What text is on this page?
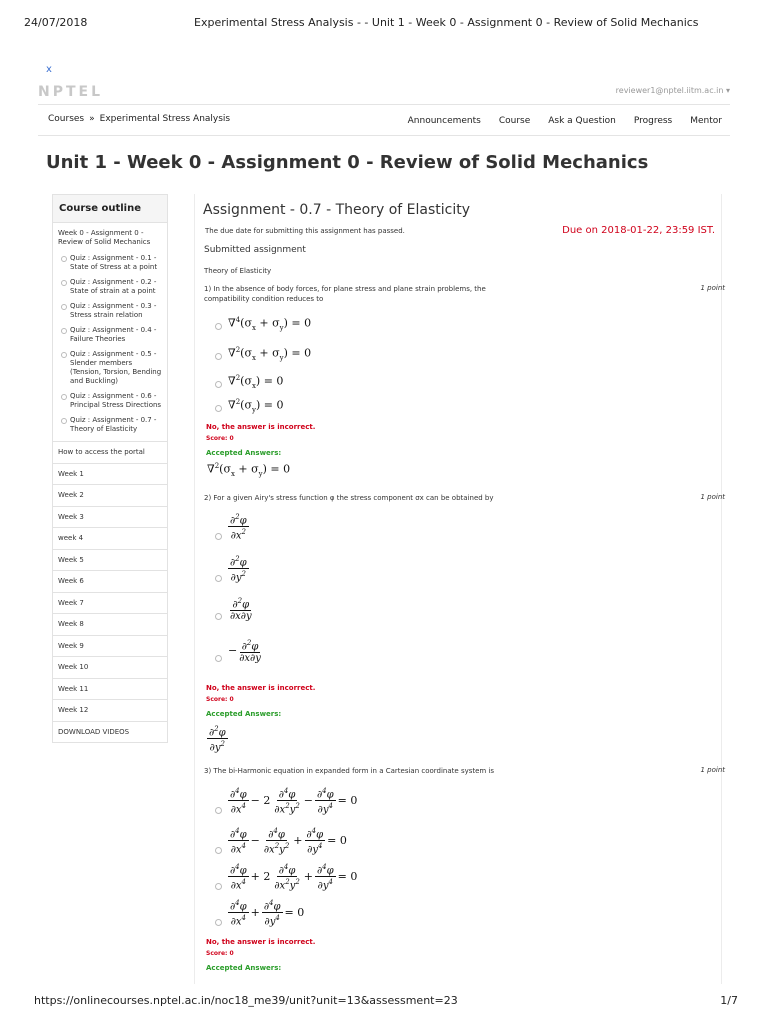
24/07/2018	Experimental Stress Analysis - - Unit 1 - Week 0 - Assignment 0 - Review of Solid Mechanics
x
NPTEL	reviewer1@nptel.iitm.ac.in ▾
Courses » Experimental Stress Analysis	Announcements Course Ask a Question Progress Mentor
Unit 1 - Week 0 - Assignment 0 - Review of Solid Mechanics
Course outline
Week 0 - Assignment 0 - Review of Solid Mechanics
Quiz : Assignment - 0.1 - State of Stress at a point
Quiz : Assignment - 0.2 - State of strain at a point
Quiz : Assignment - 0.3 - Stress strain relation
Quiz : Assignment - 0.4 - Failure Theories
Quiz : Assignment - 0.5 - Slender members (Tension, Torsion, Bending and Buckling)
Quiz : Assignment - 0.6 - Principal Stress Directions
Quiz : Assignment - 0.7 - Theory of Elasticity
How to access the portal
Week 1
Week 2
Week 3
week 4
Week 5
Week 6
Week 7
Week 8
Week 9
Week 10
Week 11
Week 12
DOWNLOAD VIDEOS
Assignment - 0.7 - Theory of Elasticity
The due date for submitting this assignment has passed.	Due on 2018-01-22, 23:59 IST.
Submitted assignment
Theory of Elasticity
1) In the absence of body forces, for plane stress and plane strain problems, the compatibility condition reduces to
1 point
$\nabla^4(\sigma_x + \sigma_y) = 0$
$\nabla^2(\sigma_x + \sigma_y) = 0$
$\nabla^2(\sigma_x) = 0$
$\nabla^2(\sigma_y) = 0$
No, the answer is incorrect.
Score: 0
Accepted Answers:
$\nabla^2(\sigma_x + \sigma_y) = 0$
2) For a given Airy's stress function φ the stress component σx can be obtained by	1 point
$\frac{\partial^2\varphi}{\partial x^2}$
$\frac{\partial^2\varphi}{\partial y^2}$
$\frac{\partial^2\varphi}{\partial x\partial y}$
− $\frac{\partial^2\varphi}{\partial x\partial y}$
No, the answer is incorrect.
Score: 0
Accepted Answers:
$\frac{\partial^2\varphi}{\partial y^2}$
3) The bi-Harmonic equation in expanded form in a Cartesian coordinate system is	1 point
$\frac{\partial^4\varphi}{\partial x^4} - 2 \frac{\partial^4\varphi}{\partial x^2y^2} - \frac{\partial^4\varphi}{\partial y^4} = 0$
$\frac{\partial^4\varphi}{\partial x^4} - \frac{\partial^4\varphi}{\partial x^2y^2} + \frac{\partial^4\varphi}{\partial y^4} = 0$
$\frac{\partial^4\varphi}{\partial x^4} + 2 \frac{\partial^4\varphi}{\partial x^2y^2} + \frac{\partial^4\varphi}{\partial y^4} = 0$
$\frac{\partial^4\varphi}{\partial x^4} + \frac{\partial^4\varphi}{\partial y^4} = 0$
No, the answer is incorrect.
Score: 0
Accepted Answers:
https://onlinecourses.nptel.ac.in/noc18_me39/unit?unit=13&assessment=23	1/7
